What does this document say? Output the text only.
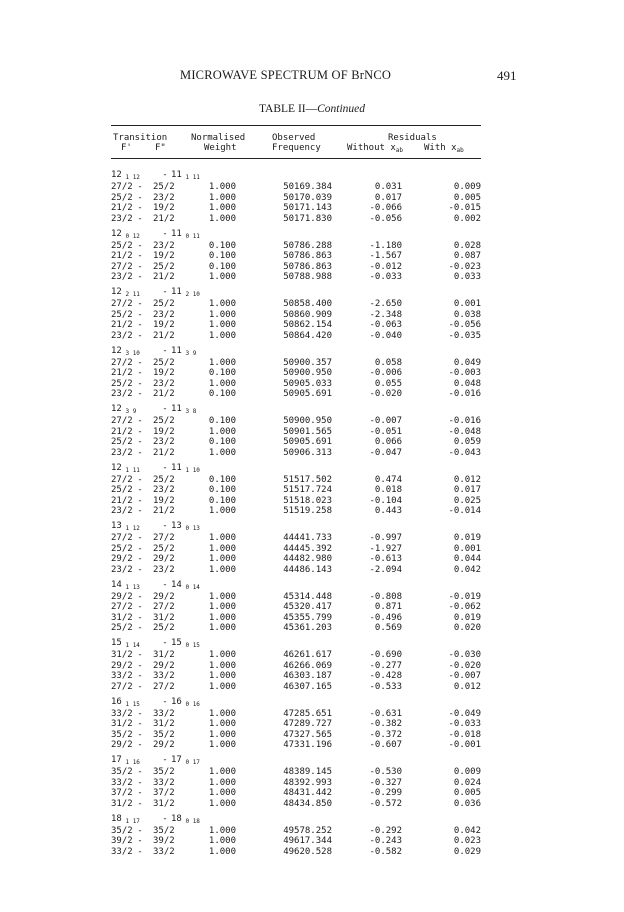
MICROWAVE SPECTRUM OF BrNCO	491
TABLE II—Continued
Transition
F'	F"
Normalised
Weight
Observed
Frequency
Residuals
Without $x_{ab}$ With $x_{ab}$
12 $_1$ $_{12}$	- 11 $_1$ $_{11}$
27/2 - 25/2	1.000	50169.384	0.031	0.009
25/2 - 23/2	1.000	50170.039	0.017	0.005
21/2 - 19/2	1.000	50171.143	-0.066	-0.015
23/2 - 21/2	1.000	50171.830	-0.056	0.002
12 $_0$ $_{12}$	- 11 $_0$ $_{11}$
25/2 - 23/2	0.100	50786.288	-1.180	0.028
21/2 - 19/2	0.100	50786.863	-1.567	0.087
27/2 - 25/2	0.100	50786.863	-0.012	-0.023
23/2 - 21/2	1.000	50788.988	-0.033	0.033
12 $_2$ $_{11}$	- 11 $_2$ $_{10}$
27/2 - 25/2	1.000	50858.400	-2.650	0.001
25/2 - 23/2	1.000	50860.909	-2.348	0.038
21/2 - 19/2	1.000	50862.154	-0.063	-0.056
23/2 - 21/2	1.000	50864.420	-0.040	-0.035
12 $_3$ $_{10}$	- 11 $_3$ $_9$
27/2 - 25/2	1.000	50900.357	0.058	0.049
21/2 - 19/2	0.100	50900.950	-0.006	-0.003
25/2 - 23/2	1.000	50905.033	0.055	0.048
23/2 - 21/2	0.100	50905.691	-0.020	-0.016
12 $_3$ $_9$	- 11 $_3$ $_8$
27/2 - 25/2	0.100	50900.950	-0.007	-0.016
21/2 - 19/2	1.000	50901.565	-0.051	-0.048
25/2 - 23/2	0.100	50905.691	0.066	0.059
23/2 - 21/2	1.000	50906.313	-0.047	-0.043
12 $_1$ $_{11}$	- 11 $_1$ $_{10}$
27/2 - 25/2	0.100	51517.502	0.474	0.012
25/2 - 23/2	0.100	51517.724	0.018	0.017
21/2 - 19/2	0.100	51518.023	-0.104	0.025
23/2 - 21/2	1.000	51519.258	0.443	-0.014
13 $_1$ $_{12}$	- 13 $_0$ $_{13}$
27/2 - 27/2	1.000	44441.733	-0.997	0.019
25/2 - 25/2	1.000	44445.392	-1.927	0.001
29/2 - 29/2	1.000	44482.980	-0.613	0.044
23/2 - 23/2	1.000	44486.143	-2.094	0.042
14 $_1$ $_{13}$	- 14 $_0$ $_{14}$
29/2 - 29/2	1.000	45314.448	-0.808	-0.019
27/2 - 27/2	1.000	45320.417	0.871	-0.062
31/2 - 31/2	1.000	45355.799	-0.496	0.019
25/2 - 25/2	1.000	45361.203	0.569	0.020
15 $_1$ $_{14}$	- 15 $_0$ $_{15}$
31/2 - 31/2	1.000	46261.617	-0.690	-0.030
29/2 - 29/2	1.000	46266.069	-0.277	-0.020
33/2 - 33/2	1.000	46303.187	-0.428	-0.007
27/2 - 27/2	1.000	46307.165	-0.533	0.012
16 $_1$ $_{15}$	- 16 $_0$ $_{16}$
33/2 - 33/2	1.000	47285.651	-0.631	-0.049
31/2 - 31/2	1.000	47289.727	-0.382	-0.033
35/2 - 35/2	1.000	47327.565	-0.372	-0.018
29/2 - 29/2	1.000	47331.196	-0.607	-0.001
17 $_1$ $_{16}$	- 17 $_0$ $_{17}$
35/2 - 35/2	1.000	48389.145	-0.530	0.009
33/2 - 33/2	1.000	48392.993	-0.327	0.024
37/2 - 37/2	1.000	48431.442	-0.299	0.005
31/2 - 31/2	1.000	48434.850	-0.572	0.036
18 $_1$ $_{17}$	- 18 $_0$ $_{18}$
35/2 - 35/2	1.000	49578.252	-0.292	0.042
39/2 - 39/2	1.000	49617.344	-0.243	0.023
33/2 - 33/2	1.000	49620.528	-0.582	0.029
